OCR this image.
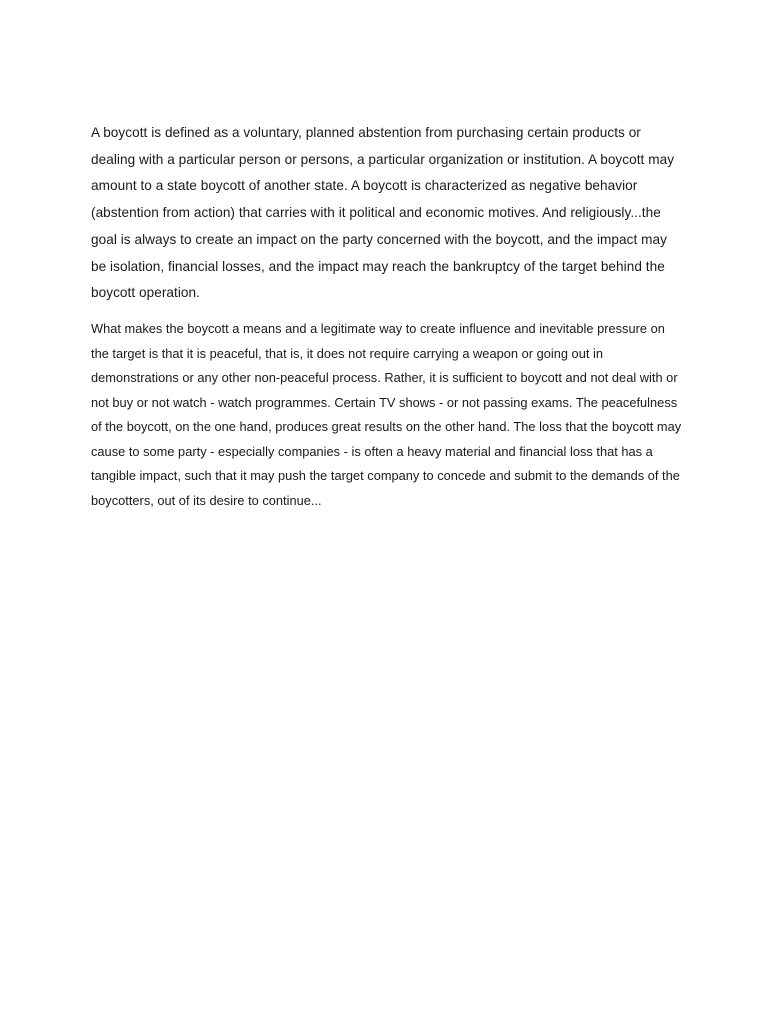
A boycott is defined as a voluntary, planned abstention from purchasing certain products or dealing with a particular person or persons, a particular organization or institution. A boycott may amount to a state boycott of another state. A boycott is characterized as negative behavior (abstention from action) that carries with it political and economic motives. And religiously...the goal is always to create an impact on the party concerned with the boycott, and the impact may be isolation, financial losses, and the impact may reach the bankruptcy of the target behind the boycott operation.

What makes the boycott a means and a legitimate way to create influence and inevitable pressure on the target is that it is peaceful, that is, it does not require carrying a weapon or going out in demonstrations or any other non-peaceful process. Rather, it is sufficient to boycott and not deal with or not buy or not watch - watch programmes. Certain TV shows - or not passing exams. The peacefulness of the boycott, on the one hand, produces great results on the other hand. The loss that the boycott may cause to some party - especially companies - is often a heavy material and financial loss that has a tangible impact, such that it may push the target company to concede and submit to the demands of the boycotters, out of its desire to continue...
